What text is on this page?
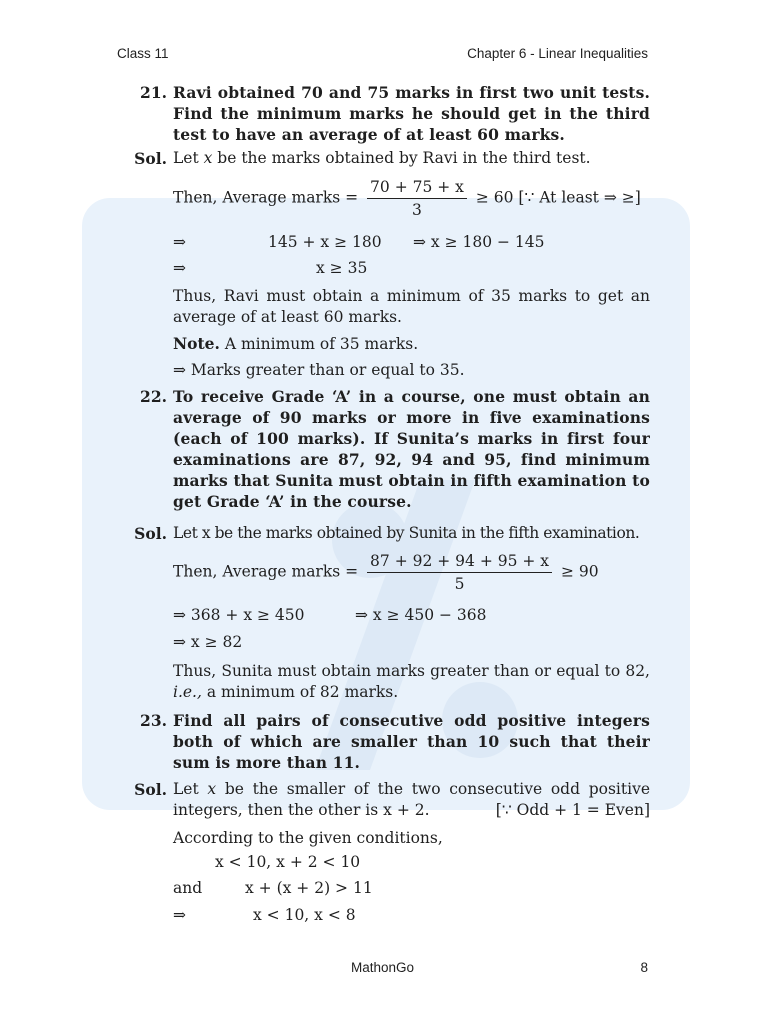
Class 11	Chapter 6 - Linear Inequalities
21. Ravi obtained 70 and 75 marks in first two unit tests. Find the minimum marks he should get in the third test to have an average of at least 60 marks.
Sol. Let x be the marks obtained by Ravi in the third test.
Then, Average marks = $\frac{70 + 75 + x}{3} \ge 60$ [∵ At least ⇒ ≥]
⇒	145 + x ≥ 180 ⇒ x ≥ 180 − 145
⇒	x ≥ 35
Thus, Ravi must obtain a minimum of 35 marks to get an average of at least 60 marks.
Note. A minimum of 35 marks.
⇒ Marks greater than or equal to 35.
22. To receive Grade ‘A’ in a course, one must obtain an average of 90 marks or more in five examinations (each of 100 marks). If Sunita’s marks in first four examinations are 87, 92, 94 and 95, find minimum marks that Sunita must obtain in fifth examination to get Grade ‘A’ in the course.
Sol. Let x be the marks obtained by Sunita in the fifth examination.
Then, Average marks = $\frac{87 + 92 + 94 + 95 + x}{5} \ge 90$
⇒ 368 + x ≥ 450	⇒ x ≥ 450 − 368
⇒ x ≥ 82
Thus, Sunita must obtain marks greater than or equal to 82, i.e., a minimum of 82 marks.
23. Find all pairs of consecutive odd positive integers both of which are smaller than 10 such that their sum is more than 11.
Sol. Let x be the smaller of the two consecutive odd positive integers, then the other is x + 2.	[∵ Odd + 1 = Even]
According to the given conditions,
x < 10, x + 2 < 10
and	x + (x + 2) > 11
⇒	x < 10, x < 8
MathonGo	8
